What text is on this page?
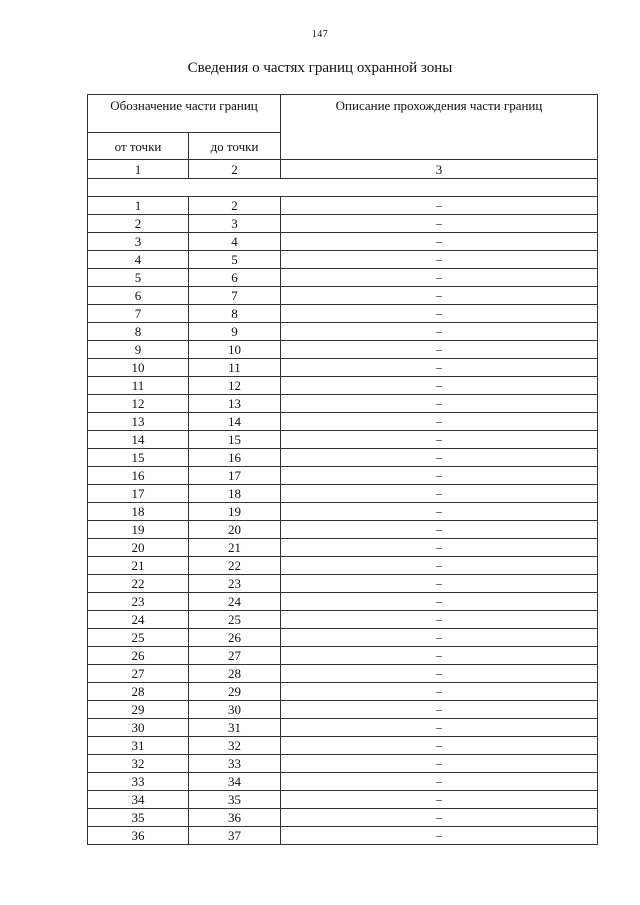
147
Сведения о частях границ охранной зоны
Обозначение части границ		Описание прохождения части границ
от точки	до точки	
1	2	3

1	2	–
2	3	–
3	4	–
4	5	–
5	6	–
6	7	–
7	8	–
8	9	–
9	10	–
10	11	–
11	12	–
12	13	–
13	14	–
14	15	–
15	16	–
16	17	–
17	18	–
18	19	–
19	20	–
20	21	–
21	22	–
22	23	–
23	24	–
24	25	–
25	26	–
26	27	–
27	28	–
28	29	–
29	30	–
30	31	–
31	32	–
32	33	–
33	34	–
34	35	–
35	36	–
36	37	–
